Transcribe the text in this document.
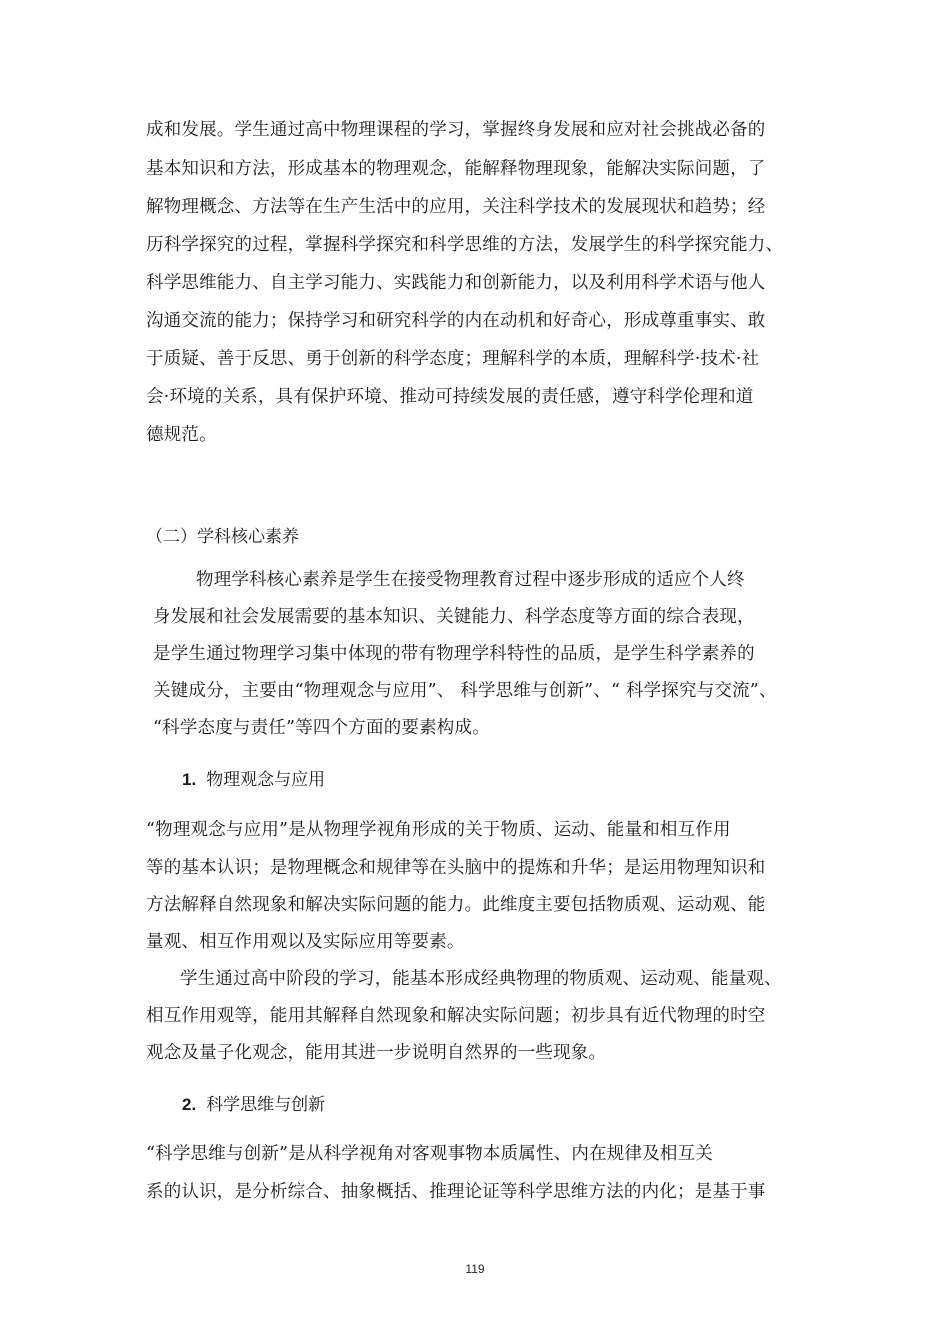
成和发展。学生通过高中物理课程的学习，掌握终身发展和应对社会挑战必备的
基本知识和方法，形成基本的物理观念，能解释物理现象，能解决实际问题，了
解物理概念、方法等在生产生活中的应用，关注科学技术的发展现状和趋势；经
历科学探究的过程，掌握科学探究和科学思维的方法，发展学生的科学探究能力、
科学思维能力、自主学习能力、实践能力和创新能力，以及利用科学术语与他人
沟通交流的能力；保持学习和研究科学的内在动机和好奇心，形成尊重事实、敢
于质疑、善于反思、勇于创新的科学态度；理解科学的本质，理解科学·技术·社
会·环境的关系，具有保护环境、推动可持续发展的责任感，遵守科学伦理和道
德规范。
（二）学科核心素养
物理学科核心素养是学生在接受物理教育过程中逐步形成的适应个人终
身发展和社会发展需要的基本知识、关键能力、科学态度等方面的综合表现，
是学生通过物理学习集中体现的带有物理学科特性的品质，是学生科学素养的
关键成分，主要由“物理观念与应用”、 科学思维与创新”、“ 科学探究与交流”、
“科学态度与责任”等四个方面的要素构成。
1. 物理观念与应用
“物理观念与应用”是从物理学视角形成的关于物质、运动、能量和相互作用
等的基本认识；是物理概念和规律等在头脑中的提炼和升华；是运用物理知识和
方法解释自然现象和解决实际问题的能力。此维度主要包括物质观、运动观、能
量观、相互作用观以及实际应用等要素。
学生通过高中阶段的学习，能基本形成经典物理的物质观、运动观、能量观、
相互作用观等，能用其解释自然现象和解决实际问题；初步具有近代物理的时空
观念及量子化观念，能用其进一步说明自然界的一些现象。
2. 科学思维与创新
“科学思维与创新”是从科学视角对客观事物本质属性、内在规律及相互关
系的认识，是分析综合、抽象概括、推理论证等科学思维方法的内化；是基于事
119
